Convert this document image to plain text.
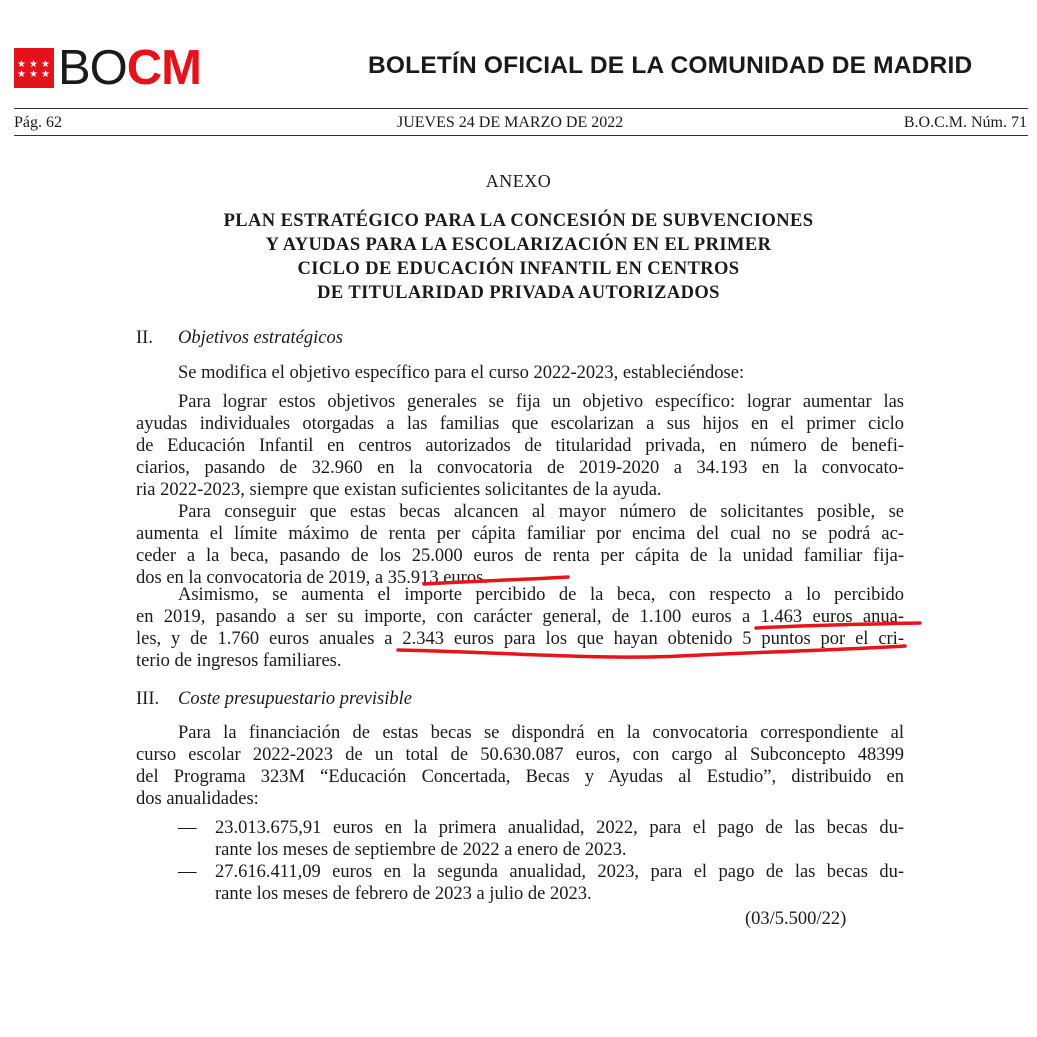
★ ★ ★
★ ★ ★ BOCM	BOLETÍN OFICIAL DE LA COMUNIDAD DE MADRID
Pág. 62	JUEVES 24 DE MARZO DE 2022	B.O.C.M. Núm. 71
ANEXO
PLAN ESTRATÉGICO PARA LA CONCESIÓN DE SUBVENCIONES
Y AYUDAS PARA LA ESCOLARIZACIÓN EN EL PRIMER
CICLO DE EDUCACIÓN INFANTIL EN CENTROS
DE TITULARIDAD PRIVADA AUTORIZADOS
II. Objetivos estratégicos
Se modifica el objetivo específico para el curso 2022-2023, estableciéndose:
Para lograr estos objetivos generales se fija un objetivo específico: lograr aumentar las
ayudas individuales otorgadas a las familias que escolarizan a sus hijos en el primer ciclo
de Educación Infantil en centros autorizados de titularidad privada, en número de benefi-
ciarios, pasando de 32.960 en la convocatoria de 2019-2020 a 34.193 en la convocato-
ria 2022-2023, siempre que existan suficientes solicitantes de la ayuda.
Para conseguir que estas becas alcancen al mayor número de solicitantes posible, se
aumenta el límite máximo de renta per cápita familiar por encima del cual no se podrá ac-
ceder a la beca, pasando de los 25.000 euros de renta per cápita de la unidad familiar fija-
dos en la convocatoria de 2019, a 35.913 euros.
Asimismo, se aumenta el importe percibido de la beca, con respecto a lo percibido
en 2019, pasando a ser su importe, con carácter general, de 1.100 euros a 1.463 euros anua-
les, y de 1.760 euros anuales a 2.343 euros para los que hayan obtenido 5 puntos por el cri-
terio de ingresos familiares.
III. Coste presupuestario previsible
Para la financiación de estas becas se dispondrá en la convocatoria correspondiente al
curso escolar 2022-2023 de un total de 50.630.087 euros, con cargo al Subconcepto 48399
del Programa 323M “Educación Concertada, Becas y Ayudas al Estudio”, distribuido en
dos anualidades:
— 23.013.675,91 euros en la primera anualidad, 2022, para el pago de las becas du-
rante los meses de septiembre de 2022 a enero de 2023.
— 27.616.411,09 euros en la segunda anualidad, 2023, para el pago de las becas du-
rante los meses de febrero de 2023 a julio de 2023.
(03/5.500/22)
